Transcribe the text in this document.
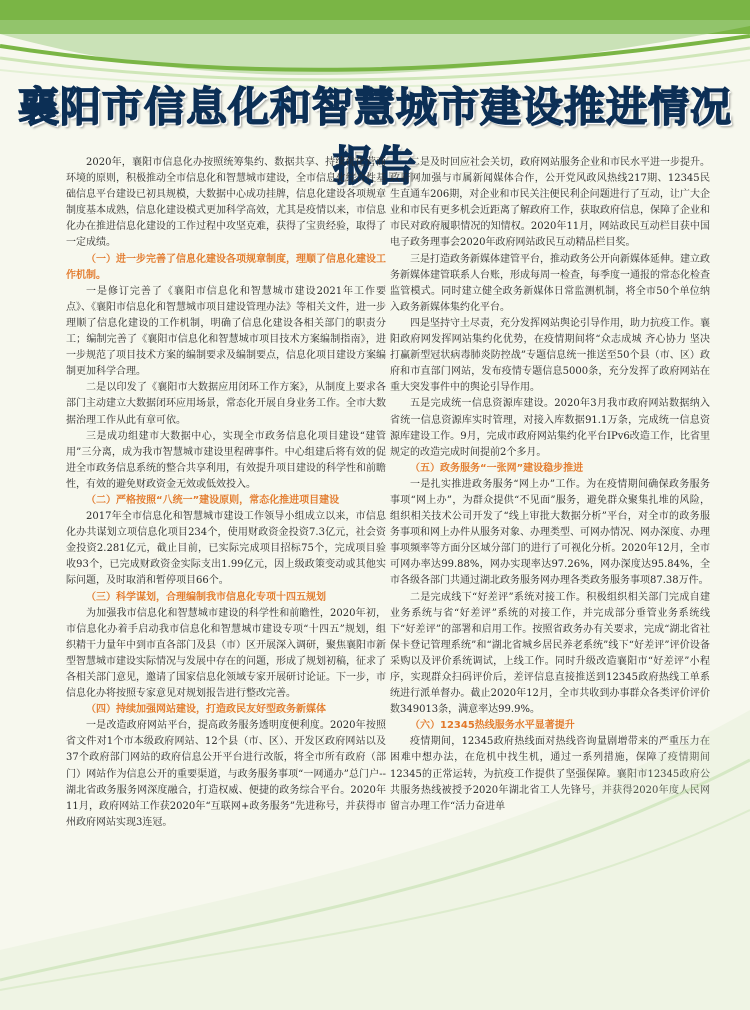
襄阳市信息化和智慧城市建设推进情况报告

2020年，襄阳市信息化办按照统筹集约、数据共享、持续优化营商环境的原则，积极推动全市信息化和智慧城市建设，全市信息化综合性基础信息平台建设已初具规模，大数据中心成功挂牌，信息化建设各项规章制度基本成熟，信息化建设模式更加科学高效，尤其是疫情以来，市信息化办在推进信息化建设的工作过程中攻坚克难，获得了宝贵经验，取得了一定成绩。

（一）进一步完善了信息化建设各项规章制度，理顺了信息化建设工作机制。

一是修订完善了《襄阳市信息化和智慧城市建设2021年工作要点》、《襄阳市信息化和智慧城市项目建设管理办法》等相关文件，进一步理顺了信息化建设的工作机制，明确了信息化建设各相关部门的职责分工；编制完善了《襄阳市信息化和智慧城市项目技术方案编制指南》，进一步规范了项目技术方案的编制要求及编制要点，信息化项目建设方案编制更加科学合理。

二是以印发了《襄阳市大数据应用闭环工作方案》，从制度上要求各部门主动建立大数据闭环应用场景，常态化开展自身业务工作。全市大数据治理工作从此有章可依。

三是成功组建市大数据中心，实现全市政务信息化项目建设“建管用”三分离，成为我市智慧城市建设里程碑事件。中心组建后将有效的促进全市政务信息系统的整合共享利用，有效提升项目建设的科学性和前瞻性，有效的避免财政资金无效或低效投入。

（二）严格按照“八统一”建设原则，常态化推进项目建设

2017年全市信息化和智慧城市建设工作领导小组成立以来，市信息化办共谋划立项信息化项目234个，使用财政资金投资7.3亿元，社会资金投资2.281亿元，截止目前，已实际完成项目招标75个，完成项目验收93个，已完成财政资金实际支出1.99亿元，因上级政策变动或其他实际问题，及时取消和暂停项目66个。

（三）科学谋划，合理编制我市信息化专项十四五规划

为加强我市信息化和智慧城市建设的科学性和前瞻性，2020年初，市信息化办着手启动我市信息化和智慧城市建设专项“十四五”规划，组织精干力量年中到市直各部门及县（市）区开展深入调研，聚焦襄阳市新型智慧城市建设实际情况与发展中存在的问题，形成了规划初稿，征求了各相关部门意见，邀请了国家信息化领域专家开展研讨论证。下一步，市信息化办将按照专家意见对规划报告进行整改完善。

（四）持续加强网站建设，打造政民友好型政务新媒体

一是改造政府网站平台，提高政务服务透明度便利度。2020年按照省文件对1个市本级政府网站、12个县（市、区）、开发区政府网站以及37个政府部门网站的政府信息公开平台进行改版，将全市所有政府（部门）网站作为信息公开的重要渠道，与政务服务事项“一网通办”总门户--湖北省政务服务网深度融合，打造权威、便捷的政务综合平台。2020年11月，政府网站工作获2020年“互联网+政务服务”先进称号，并获得市州政府网站实现3连冠。

二是及时回应社会关切，政府网站服务企业和市民水平进一步提升。政府网加强与市属新闻媒体合作，公开党风政风热线217期、12345民生直通车206期，对企业和市民关注便民利企问题进行了互动，让广大企业和市民有更多机会近距离了解政府工作，获取政府信息，保障了企业和市民对政府履职情况的知情权。2020年11月，网站政民互动栏目获中国电子政务理事会2020年政府网站政民互动精品栏目奖。

三是打造政务新媒体建管平台，推动政务公开向新媒体延伸。建立政务新媒体建管联系人台账，形成每周一检查，每季度一通报的常态化检查监管模式。同时建立健全政务新媒体日常监测机制，将全市50个单位纳入政务新媒体集约化平台。

四是坚持守土尽责，充分发挥网站舆论引导作用，助力抗疫工作。襄阳政府网发挥网站集约化优势，在疫情期间将“众志成城 齐心协力 坚决打赢新型冠状病毒肺炎防控战”专题信息统一推送至50个县（市、区）政府和市直部门网站，发布疫情专题信息5000条，充分发挥了政府网站在重大突发事件中的舆论引导作用。

五是完成统一信息资源库建设。2020年3月我市政府网站数据纳入省统一信息资源库实时管理，对接入库数据91.1万条，完成统一信息资源库建设工作。9月，完成市政府网站集约化平台IPv6改造工作，比省里规定的改造完成时间提前2个多月。

（五）政务服务“一张网”建设稳步推进

一是扎实推进政务服务“网上办”工作。为在疫情期间确保政务服务事项“网上办”，为群众提供“不见面”服务，避免群众聚集扎堆的风险，组织相关技术公司开发了“线上审批大数据分析”平台，对全市的政务服务事项和网上办件从服务对象、办理类型、可网办情况、网办深度、办理事项频率等方面分区域分部门的进行了可视化分析。2020年12月，全市可网办率达99.88%，网办实现率达97.26%，网办深度达95.84%，全市各级各部门共通过湖北政务服务网办理各类政务服务事项87.38万件。

二是完成线下“好差评”系统对接工作。积极组织相关部门完成自建业务系统与省“好差评”系统的对接工作，并完成部分垂管业务系统线下“好差评”的部署和启用工作。按照省政务办有关要求，完成“湖北省社保卡登记管理系统”和“湖北省城乡居民养老系统”线下“好差评”评价设备采购以及评价系统调试，上线工作。同时升级改造襄阳市“好差评”小程序，实现群众扫码评价后，差评信息直接推送到12345政府热线工单系统进行派单督办。截止2020年12月，全市共收到办事群众各类评价评价数349013条，满意率达99.9%。

（六）12345热线服务水平显著提升

疫情期间，12345政府热线面对热线咨询量剧增带来的严重压力在困难中想办法，在危机中找生机，通过一系列措施，保障了疫情期间12345的正常运转，为抗疫工作提供了坚强保障。襄阳市12345政府公共服务热线被授予2020年湖北省工人先锋号，并获得2020年度人民网留言办理工作“活力奋进单
